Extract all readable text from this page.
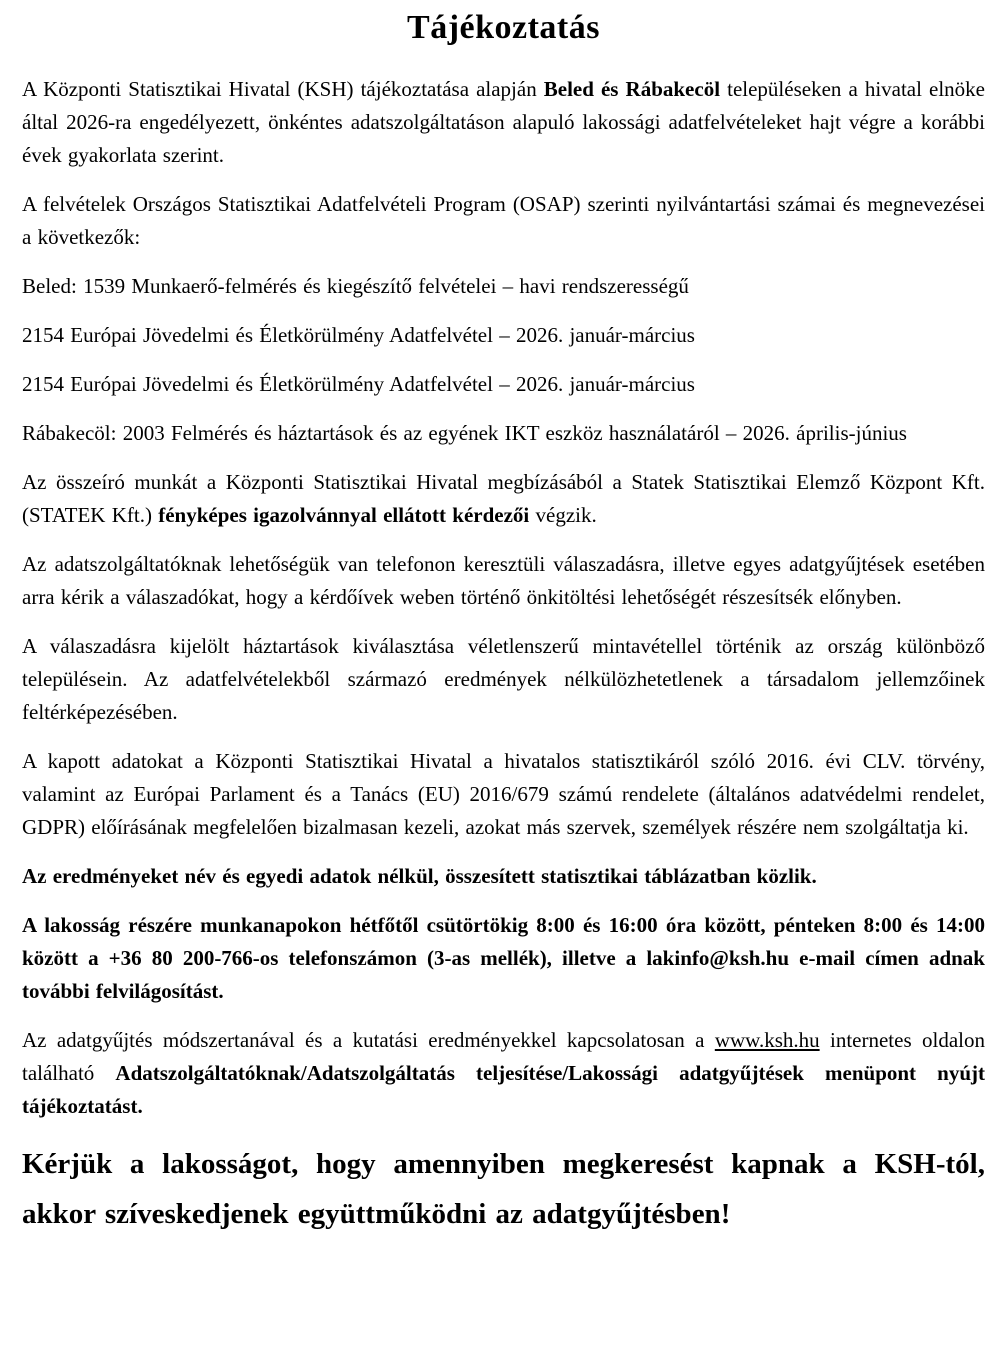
Tájékoztatás

A Központi Statisztikai Hivatal (KSH) tájékoztatása alapján Beled és Rábakecöl településeken a hivatal elnöke által 2026-ra engedélyezett, önkéntes adatszolgáltatáson alapuló lakossági adatfelvételeket hajt végre a korábbi évek gyakorlata szerint.

A felvételek Országos Statisztikai Adatfelvételi Program (OSAP) szerinti nyilvántartási számai és megnevezései a következők:

Beled: 1539 Munkaerő-felmérés és kiegészítő felvételei – havi rendszerességű

2154 Európai Jövedelmi és Életkörülmény Adatfelvétel – 2026. január-március

2154 Európai Jövedelmi és Életkörülmény Adatfelvétel – 2026. január-március

Rábakecöl: 2003 Felmérés és háztartások és az egyének IKT eszköz használatáról – 2026. április-június

Az összeíró munkát a Központi Statisztikai Hivatal megbízásából a Statek Statisztikai Elemző Központ Kft. (STATEK Kft.) fényképes igazolvánnyal ellátott kérdezői végzik.

Az adatszolgáltatóknak lehetőségük van telefonon keresztüli válaszadásra, illetve egyes adatgyűjtések esetében arra kérik a válaszadókat, hogy a kérdőívek weben történő önkitöltési lehetőségét részesítsék előnyben.

A válaszadásra kijelölt háztartások kiválasztása véletlenszerű mintavétellel történik az ország különböző településein. Az adatfelvételekből származó eredmények nélkülözhetetlenek a társadalom jellemzőinek feltérképezésében.

A kapott adatokat a Központi Statisztikai Hivatal a hivatalos statisztikáról szóló 2016. évi CLV. törvény, valamint az Európai Parlament és a Tanács (EU) 2016/679 számú rendelete (általános adatvédelmi rendelet, GDPR) előírásának megfelelően bizalmasan kezeli, azokat más szervek, személyek részére nem szolgáltatja ki.

Az eredményeket név és egyedi adatok nélkül, összesített statisztikai táblázatban közlik.

A lakosság részére munkanapokon hétfőtől csütörtökig 8:00 és 16:00 óra között, pénteken 8:00 és 14:00 között a +36 80 200-766-os telefonszámon (3-as mellék), illetve a lakinfo@ksh.hu e-mail címen adnak további felvilágosítást.

Az adatgyűjtés módszertanával és a kutatási eredményekkel kapcsolatosan a www.ksh.hu internetes oldalon található Adatszolgáltatóknak/Adatszolgáltatás teljesítése/Lakossági adatgyűjtések menüpont nyújt tájékoztatást.

Kérjük a lakosságot, hogy amennyiben megkeresést kapnak a KSH-tól, akkor szíveskedjenek együttműködni az adatgyűjtésben!
